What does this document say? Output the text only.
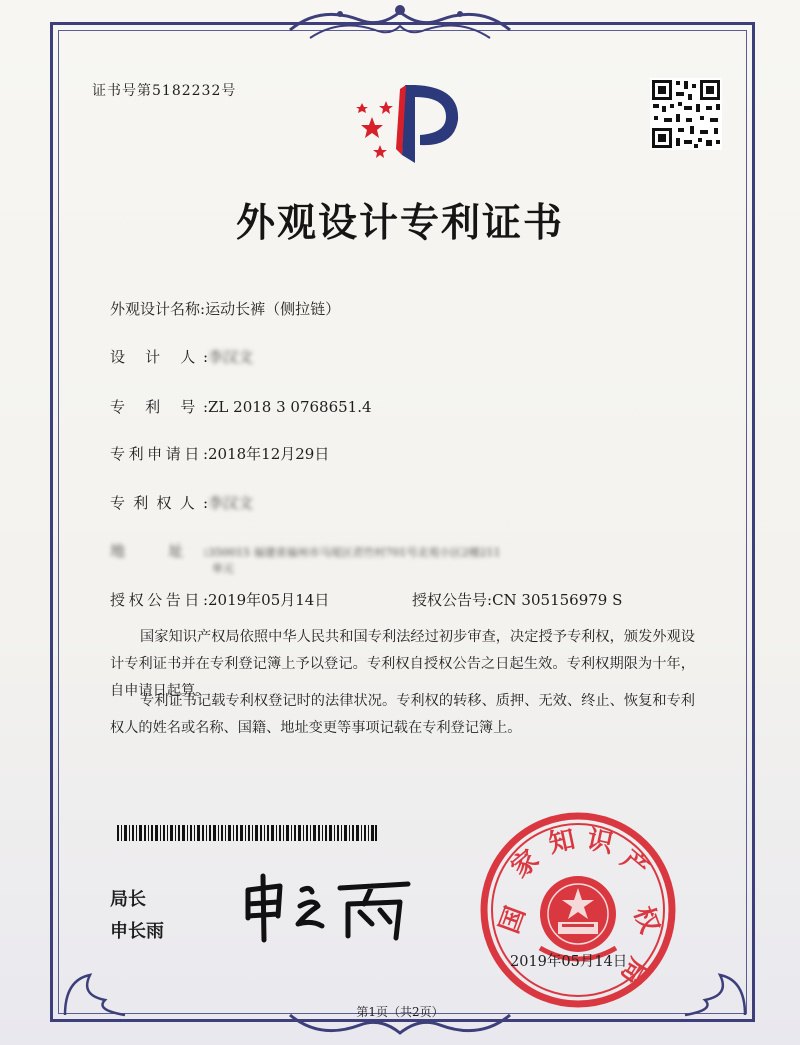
证书号第5182232号
外观设计专利证书
外观设计名称:运动长裤（侧拉链）
设 计 人:李汉文
专 利 号:ZL 2018 3 0768651.4
专利申请日:2018年12月29日
专利权人:李汉文
地 址:350015 福建省福州市马尾区君竹村701号北苑小区2楼211
单元
授权公告日:2019年05月14日	授权公告号:CN 305156979 S
国家知识产权局依照中华人民共和国专利法经过初步审查，决定授予专利权，颁发外观设计专利证书并在专利登记簿上予以登记。专利权自授权公告之日起生效。专利权期限为十年，自申请日起算。
专利证书记载专利权登记时的法律状况。专利权的转移、质押、无效、终止、恢复和专利权人的姓名或名称、国籍、地址变更等事项记载在专利登记簿上。
局长
申长雨	国
家
知 识
产
权
局
2019年05月14日
第1页（共2页）
